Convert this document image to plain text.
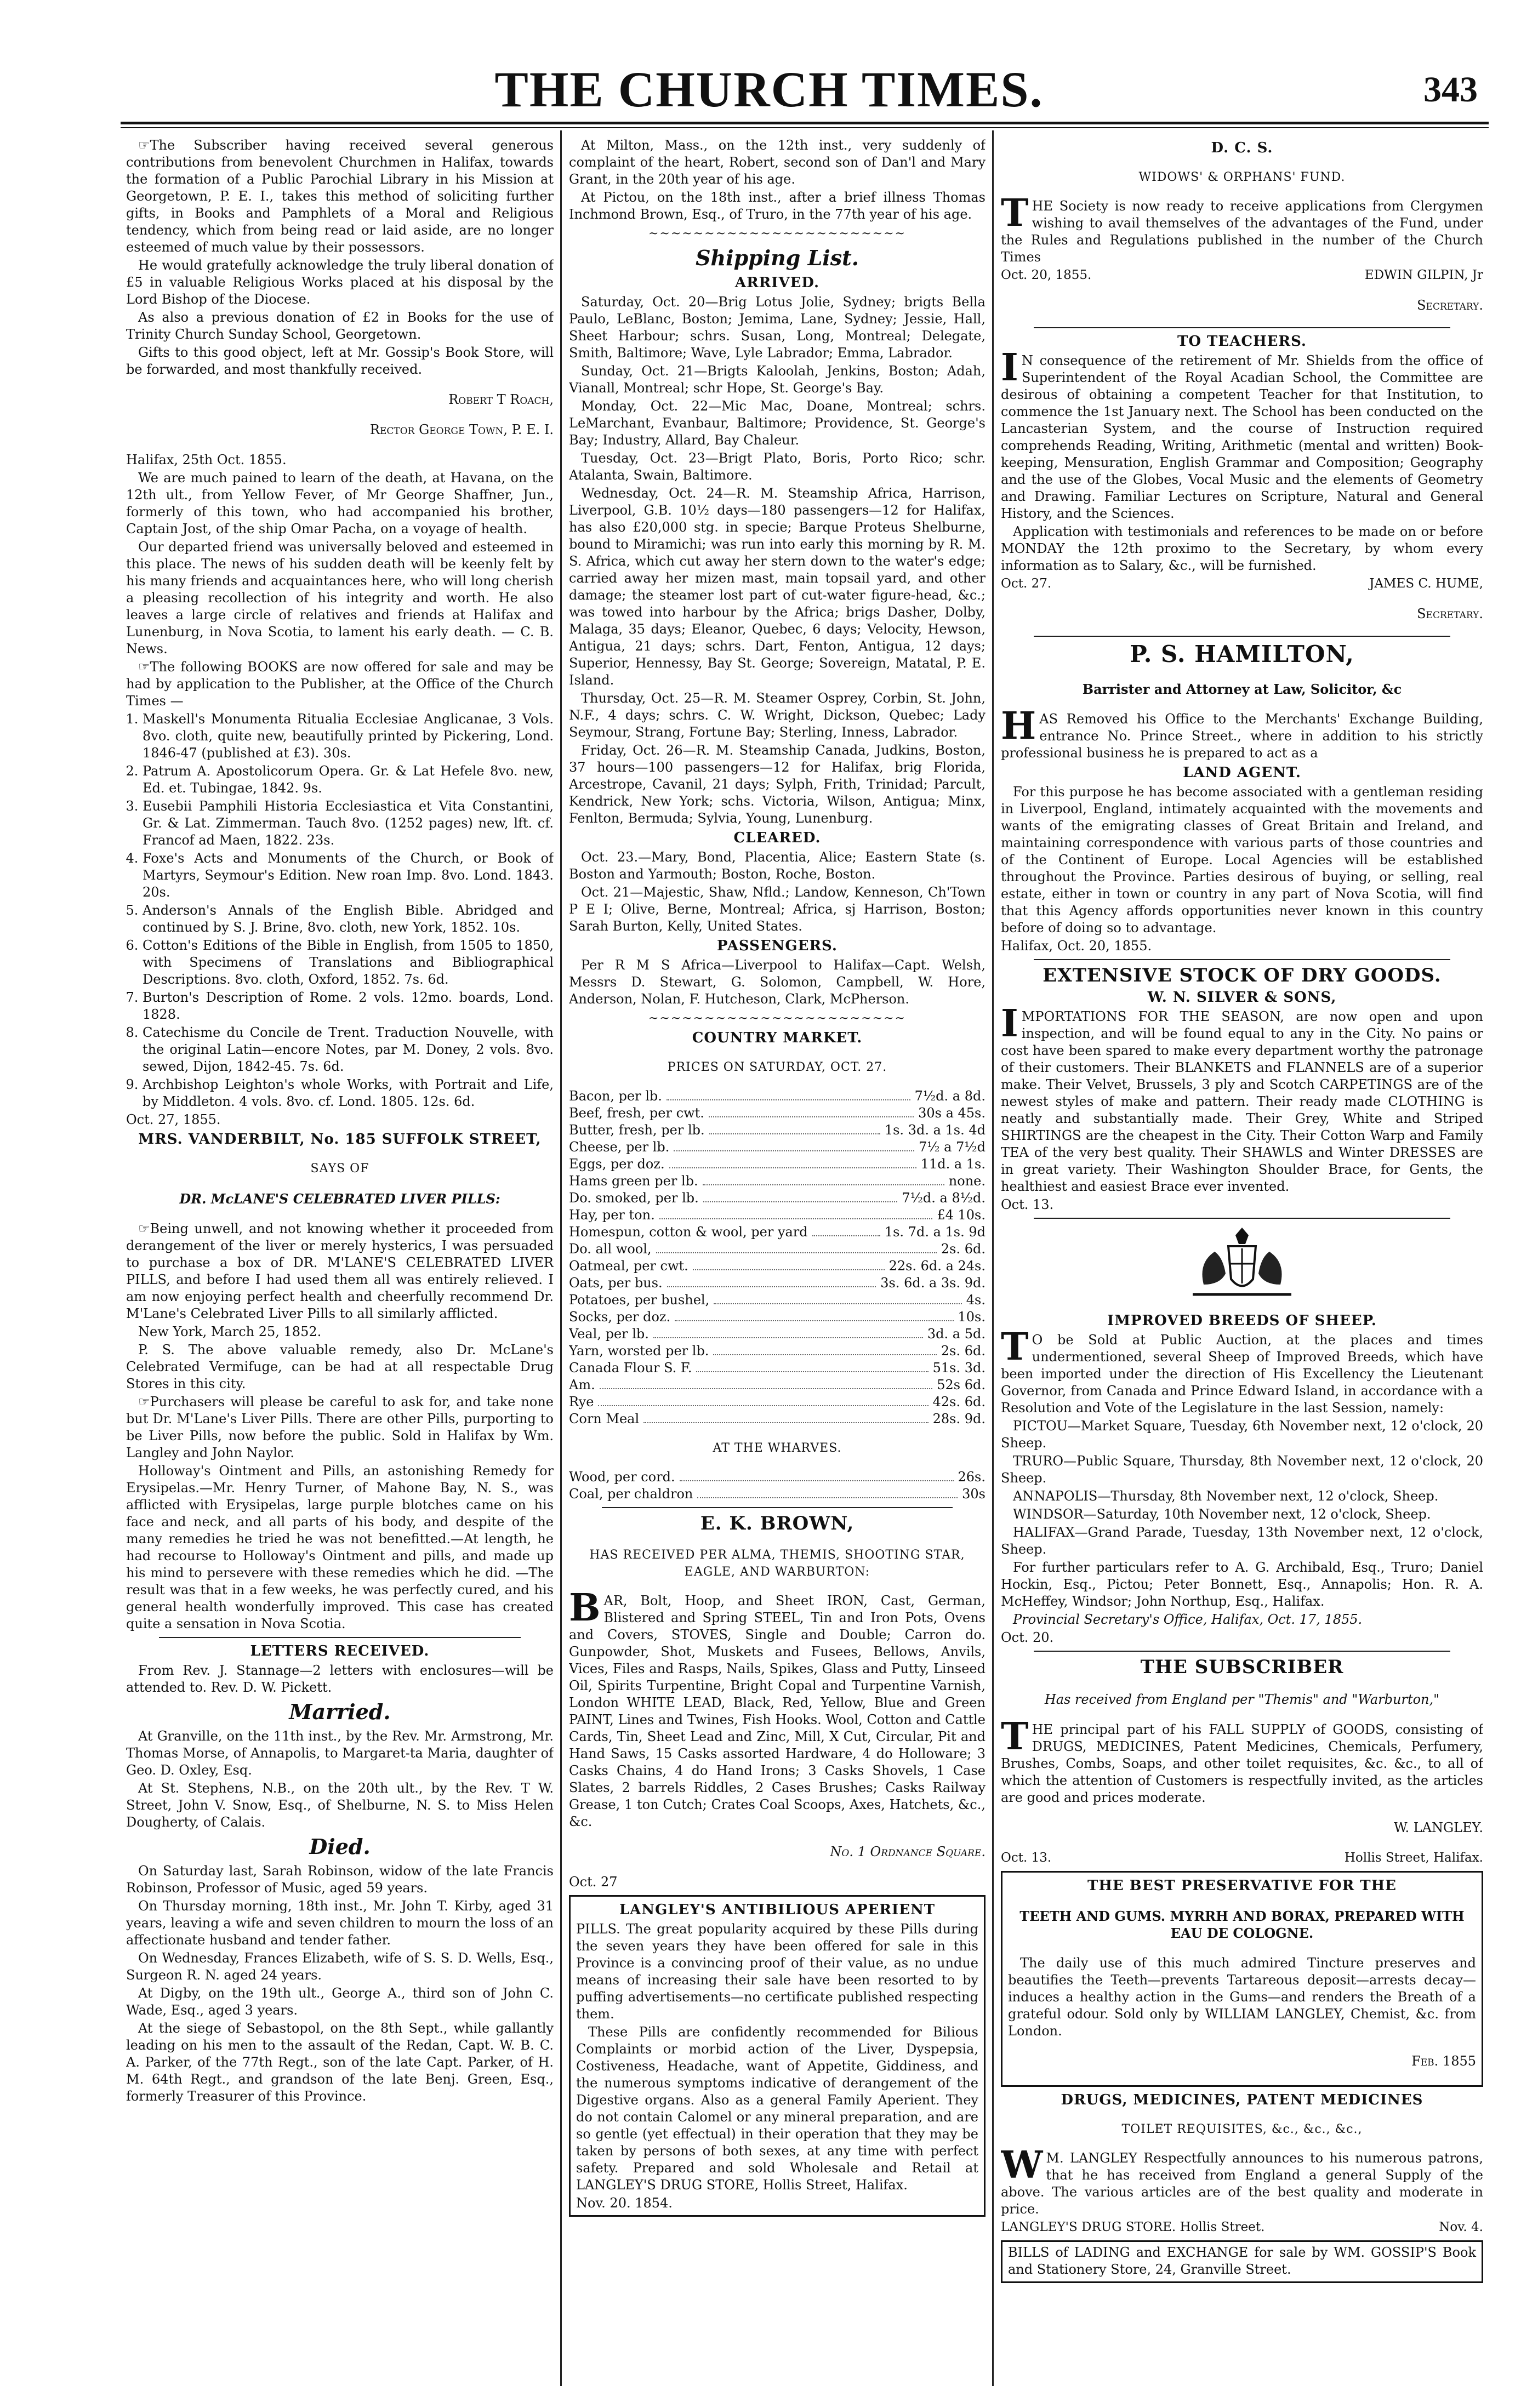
THE CHURCH TIMES.	343

☞The Subscriber having received several generous contributions from benevolent Churchmen in Halifax, towards the formation of a Public Parochial Library in his Mission at Georgetown, P. E. I., takes this method of soliciting further gifts, in Books and Pamphlets of a Moral and Religious tendency, which from being read or laid aside, are no longer esteemed of much value by their possessors.

He would gratefully acknowledge the truly liberal donation of £5 in valuable Religious Works placed at his disposal by the Lord Bishop of the Diocese.

As also a previous donation of £2 in Books for the use of Trinity Church Sunday School, Georgetown.

Gifts to this good object, left at Mr. Gossip's Book Store, will be forwarded, and most thankfully received.

Robert T Roach,

Rector George Town, P. E. I.

Halifax, 25th Oct. 1855.

We are much pained to learn of the death, at Havana, on the 12th ult., from Yellow Fever, of Mr George Shaffner, Jun., formerly of this town, who had accompanied his brother, Captain Jost, of the ship Omar Pacha, on a voyage of health.

Our departed friend was universally beloved and esteemed in this place. The news of his sudden death will be keenly felt by his many friends and acquaintances here, who will long cherish a pleasing recollection of his integrity and worth. He also leaves a large circle of relatives and friends at Halifax and Lunenburg, in Nova Scotia, to lament his early death. — C. B. News.

☞The following BOOKS are now offered for sale and may be had by application to the Publisher, at the Office of the Church Times —

1. Maskell's Monumenta Ritualia Ecclesiae Anglicanae, 3 Vols. 8vo. cloth, quite new, beautifully printed by Pickering, Lond. 1846-47 (published at £3). 30s.
2. Patrum A. Apostolicorum Opera. Gr. & Lat Hefele 8vo. new, Ed. et. Tubingae, 1842. 9s.
3. Eusebii Pamphili Historia Ecclesiastica et Vita Constantini, Gr. & Lat. Zimmerman. Tauch 8vo. (1252 pages) new, lft. cf. Francof ad Maen, 1822. 23s.
4. Foxe's Acts and Monuments of the Church, or Book of Martyrs, Seymour's Edition. New roan Imp. 8vo. Lond. 1843. 20s.
5. Anderson's Annals of the English Bible. Abridged and continued by S. J. Brine, 8vo. cloth, new York, 1852. 10s.
6. Cotton's Editions of the Bible in English, from 1505 to 1850, with Specimens of Translations and Bibliographical Descriptions. 8vo. cloth, Oxford, 1852. 7s. 6d.
7. Burton's Description of Rome. 2 vols. 12mo. boards, Lond. 1828.
8. Catechisme du Concile de Trent. Traduction Nouvelle, with the original Latin—encore Notes, par M. Doney, 2 vols. 8vo. sewed, Dijon, 1842-45. 7s. 6d.
9. Archbishop Leighton's whole Works, with Portrait and Life, by Middleton. 4 vols. 8vo. cf. Lond. 1805. 12s. 6d.

Oct. 27, 1855.

MRS. VANDERBILT, No. 185 SUFFOLK STREET,

SAYS OF

DR. McLANE'S CELEBRATED LIVER PILLS:

☞Being unwell, and not knowing whether it proceeded from derangement of the liver or merely hysterics, I was persuaded to purchase a box of DR. M'LANE'S CELEBRATED LIVER PILLS, and before I had used them all was entirely relieved. I am now enjoying perfect health and cheerfully recommend Dr. M'Lane's Celebrated Liver Pills to all similarly afflicted.

New York, March 25, 1852.

P. S. The above valuable remedy, also Dr. McLane's Celebrated Vermifuge, can be had at all respectable Drug Stores in this city.

☞Purchasers will please be careful to ask for, and take none but Dr. M'Lane's Liver Pills. There are other Pills, purporting to be Liver Pills, now before the public. Sold in Halifax by Wm. Langley and John Naylor.

Holloway's Ointment and Pills, an astonishing Remedy for Erysipelas.—Mr. Henry Turner, of Mahone Bay, N. S., was afflicted with Erysipelas, large purple blotches came on his face and neck, and all parts of his body, and despite of the many remedies he tried he was not benefitted.—At length, he had recourse to Holloway's Ointment and pills, and made up his mind to persevere with these remedies which he did. —The result was that in a few weeks, he was perfectly cured, and his general health wonderfully improved. This case has created quite a sensation in Nova Scotia.

LETTERS RECEIVED.

From Rev. J. Stannage—2 letters with enclosures—will be attended to. Rev. D. W. Pickett.

Married.

At Granville, on the 11th inst., by the Rev. Mr. Armstrong, Mr. Thomas Morse, of Annapolis, to Margaret-ta Maria, daughter of Geo. D. Oxley, Esq.

At St. Stephens, N.B., on the 20th ult., by the Rev. T W. Street, John V. Snow, Esq., of Shelburne, N. S. to Miss Helen Dougherty, of Calais.

Died.

On Saturday last, Sarah Robinson, widow of the late Francis Robinson, Professor of Music, aged 59 years.

On Thursday morning, 18th inst., Mr. John T. Kirby, aged 31 years, leaving a wife and seven children to mourn the loss of an affectionate husband and tender father.

On Wednesday, Frances Elizabeth, wife of S. S. D. Wells, Esq., Surgeon R. N. aged 24 years.

At Digby, on the 19th ult., George A., third son of John C. Wade, Esq., aged 3 years.

At the siege of Sebastopol, on the 8th Sept., while gallantly leading on his men to the assault of the Redan, Capt. W. B. C. A. Parker, of the 77th Regt., son of the late Capt. Parker, of H. M. 64th Regt., and grandson of the late Benj. Green, Esq., formerly Treasurer of this Province.

At Milton, Mass., on the 12th inst., very suddenly of complaint of the heart, Robert, second son of Dan'l and Mary Grant, in the 20th year of his age.

At Pictou, on the 18th inst., after a brief illness Thomas Inchmond Brown, Esq., of Truro, in the 77th year of his age.

~~~~~~~~~~~~~~~~~~~~~~~

Shipping List.

ARRIVED.

Saturday, Oct. 20—Brig Lotus Jolie, Sydney; brigts Bella Paulo, LeBlanc, Boston; Jemima, Lane, Sydney; Jessie, Hall, Sheet Harbour; schrs. Susan, Long, Montreal; Delegate, Smith, Baltimore; Wave, Lyle Labrador; Emma, Labrador.

Sunday, Oct. 21—Brigts Kaloolah, Jenkins, Boston; Adah, Vianall, Montreal; schr Hope, St. George's Bay.

Monday, Oct. 22—Mic Mac, Doane, Montreal; schrs. LeMarchant, Evanbaur, Baltimore; Providence, St. George's Bay; Industry, Allard, Bay Chaleur.

Tuesday, Oct. 23—Brigt Plato, Boris, Porto Rico; schr. Atalanta, Swain, Baltimore.

Wednesday, Oct. 24—R. M. Steamship Africa, Harrison, Liverpool, G.B. 10½ days—180 passengers—12 for Halifax, has also £20,000 stg. in specie; Barque Proteus Shelburne, bound to Miramichi; was run into early this morning by R. M. S. Africa, which cut away her stern down to the water's edge; carried away her mizen mast, main topsail yard, and other damage; the steamer lost part of cut-water figure-head, &c.; was towed into harbour by the Africa; brigs Dasher, Dolby, Malaga, 35 days; Eleanor, Quebec, 6 days; Velocity, Hewson, Antigua, 21 days; schrs. Dart, Fenton, Antigua, 12 days; Superior, Hennessy, Bay St. George; Sovereign, Matatal, P. E. Island.

Thursday, Oct. 25—R. M. Steamer Osprey, Corbin, St. John, N.F., 4 days; schrs. C. W. Wright, Dickson, Quebec; Lady Seymour, Strang, Fortune Bay; Sterling, Inness, Labrador.

Friday, Oct. 26—R. M. Steamship Canada, Judkins, Boston, 37 hours—100 passengers—12 for Halifax, brig Florida, Arcestrope, Cavanil, 21 days; Sylph, Frith, Trinidad; Parcult, Kendrick, New York; schs. Victoria, Wilson, Antigua; Minx, Fenlton, Bermuda; Sylvia, Young, Lunenburg.

CLEARED.

Oct. 23.—Mary, Bond, Placentia, Alice; Eastern State (s. Boston and Yarmouth; Boston, Roche, Boston.

Oct. 21—Majestic, Shaw, Nfld.; Landow, Kenneson, Ch'Town P E I; Olive, Berne, Montreal; Africa, sj Harrison, Boston; Sarah Burton, Kelly, United States.

PASSENGERS.

Per R M S Africa—Liverpool to Halifax—Capt. Welsh, Messrs D. Stewart, G. Solomon, Campbell, W. Hore, Anderson, Nolan, F. Hutcheson, Clark, McPherson.

~~~~~~~~~~~~~~~~~~~~~~~

COUNTRY MARKET.

PRICES ON SATURDAY, OCT. 27.

Bacon, per lb.	7½d. a 8d.
Beef, fresh, per cwt.	30s a 45s.
Butter, fresh, per lb.	1s. 3d. a 1s. 4d
Cheese, per lb.	7½ a 7½d
Eggs, per doz.	11d. a 1s.
Hams green per lb.	none.
Do. smoked, per lb.	7½d. a 8½d.
Hay, per ton.	£4 10s.
Homespun, cotton & wool, per yard	1s. 7d. a 1s. 9d
Do. all wool,	2s. 6d.
Oatmeal, per cwt.	22s. 6d. a 24s.
Oats, per bus.	3s. 6d. a 3s. 9d.
Potatoes, per bushel,	4s.
Socks, per doz.	10s.
Veal, per lb.	3d. a 5d.
Yarn, worsted per lb.	2s. 6d.
Canada Flour S. F.	51s. 3d.
Am.	52s 6d.
Rye	42s. 6d.
Corn Meal	28s. 9d.

AT THE WHARVES.

Wood, per cord.	26s.
Coal, per chaldron	30s

E. K. BROWN,

HAS RECEIVED PER ALMA, THEMIS, SHOOTING STAR, EAGLE, AND WARBURTON:

BAR, Bolt, Hoop, and Sheet IRON, Cast, German, Blistered and Spring STEEL, Tin and Iron Pots, Ovens and Covers, STOVES, Single and Double; Carron do. Gunpowder, Shot, Muskets and Fusees, Bellows, Anvils, Vices, Files and Rasps, Nails, Spikes, Glass and Putty, Linseed Oil, Spirits Turpentine, Bright Copal and Turpentine Varnish, London WHITE LEAD, Black, Red, Yellow, Blue and Green PAINT, Lines and Twines, Fish Hooks. Wool, Cotton and Cattle Cards, Tin, Sheet Lead and Zinc, Mill, X Cut, Circular, Pit and Hand Saws, 15 Casks assorted Hardware, 4 do Holloware; 3 Casks Chains, 4 do Hand Irons; 3 Casks Shovels, 1 Case Slates, 2 barrels Riddles, 2 Cases Brushes; Casks Railway Grease, 1 ton Cutch; Crates Coal Scoops, Axes, Hatchets, &c., &c.

No. 1 Ordnance Square.

Oct. 27

LANGLEY'S ANTIBILIOUS APERIENT

PILLS. The great popularity acquired by these Pills during the seven years they have been offered for sale in this Province is a convincing proof of their value, as no undue means of increasing their sale have been resorted to by puffing advertisements—no certificate published respecting them.

These Pills are confidently recommended for Bilious Complaints or morbid action of the Liver, Dyspepsia, Costiveness, Headache, want of Appetite, Giddiness, and the numerous symptoms indicative of derangement of the Digestive organs. Also as a general Family Aperient. They do not contain Calomel or any mineral preparation, and are so gentle (yet effectual) in their operation that they may be taken by persons of both sexes, at any time with perfect safety. Prepared and sold Wholesale and Retail at LANGLEY'S DRUG STORE, Hollis Street, Halifax.

Nov. 20. 1854.

D. C. S.

WIDOWS' & ORPHANS' FUND.

THE Society is now ready to receive applications from Clergymen wishing to avail themselves of the advantages of the Fund, under the Rules and Regulations published in the number of the Church Times

Oct. 20, 1855.	EDWIN GILPIN, Jr

Secretary.

TO TEACHERS.

IN consequence of the retirement of Mr. Shields from the office of Superintendent of the Royal Acadian School, the Committee are desirous of obtaining a competent Teacher for that Institution, to commence the 1st January next. The School has been conducted on the Lancasterian System, and the course of Instruction required comprehends Reading, Writing, Arithmetic (mental and written) Book-keeping, Mensuration, English Grammar and Composition; Geography and the use of the Globes, Vocal Music and the elements of Geometry and Drawing. Familiar Lectures on Scripture, Natural and General History, and the Sciences.

Application with testimonials and references to be made on or before MONDAY the 12th proximo to the Secretary, by whom every information as to Salary, &c., will be furnished.

Oct. 27.	JAMES C. HUME,

Secretary.

P. S. HAMILTON,

Barrister and Attorney at Law, Solicitor, &c

HAS Removed his Office to the Merchants' Exchange Building, entrance No. Prince Street., where in addition to his strictly professional business he is prepared to act as a

LAND AGENT.

For this purpose he has become associated with a gentleman residing in Liverpool, England, intimately acquainted with the movements and wants of the emigrating classes of Great Britain and Ireland, and maintaining correspondence with various parts of those countries and of the Continent of Europe. Local Agencies will be established throughout the Province. Parties desirous of buying, or selling, real estate, either in town or country in any part of Nova Scotia, will find that this Agency affords opportunities never known in this country before of doing so to advantage.

Halifax, Oct. 20, 1855.

EXTENSIVE STOCK OF DRY GOODS.

W. N. SILVER & SONS,

IMPORTATIONS FOR THE SEASON, are now open and upon inspection, and will be found equal to any in the City. No pains or cost have been spared to make every department worthy the patronage of their customers. Their BLANKETS and FLANNELS are of a superior make. Their Velvet, Brussels, 3 ply and Scotch CARPETINGS are of the newest styles of make and pattern. Their ready made CLOTHING is neatly and substantially made. Their Grey, White and Striped SHIRTINGS are the cheapest in the City. Their Cotton Warp and Family TEA of the very best quality. Their SHAWLS and Winter DRESSES are in great variety. Their Washington Shoulder Brace, for Gents, the healthiest and easiest Brace ever invented.

Oct. 13.

IMPROVED BREEDS OF SHEEP.

TO be Sold at Public Auction, at the places and times undermentioned, several Sheep of Improved Breeds, which have been imported under the direction of His Excellency the Lieutenant Governor, from Canada and Prince Edward Island, in accordance with a Resolution and Vote of the Legislature in the last Session, namely:

PICTOU—Market Square, Tuesday, 6th November next, 12 o'clock, 20 Sheep.

TRURO—Public Square, Thursday, 8th November next, 12 o'clock, 20 Sheep.

ANNAPOLIS—Thursday, 8th November next, 12 o'clock, Sheep.

WINDSOR—Saturday, 10th November next, 12 o'clock, Sheep.

HALIFAX—Grand Parade, Tuesday, 13th November next, 12 o'clock, Sheep.

For further particulars refer to A. G. Archibald, Esq., Truro; Daniel Hockin, Esq., Pictou; Peter Bonnett, Esq., Annapolis; Hon. R. A. McHeffey, Windsor; John Northup, Esq., Halifax.

Provincial Secretary's Office, Halifax, Oct. 17, 1855.

Oct. 20.

THE SUBSCRIBER

Has received from England per "Themis" and "Warburton,"

THE principal part of his FALL SUPPLY of GOODS, consisting of DRUGS, MEDICINES, Patent Medicines, Chemicals, Perfumery, Brushes, Combs, Soaps, and other toilet requisites, &c. &c., to all of which the attention of Customers is respectfully invited, as the articles are good and prices moderate.

W. LANGLEY.

Oct. 13.	Hollis Street, Halifax.

THE BEST PRESERVATIVE FOR THE

TEETH AND GUMS. MYRRH AND BORAX, PREPARED WITH EAU DE COLOGNE.

The daily use of this much admired Tincture preserves and beautifies the Teeth—prevents Tartareous deposit—arrests decay—induces a healthy action in the Gums—and renders the Breath of a grateful odour. Sold only by WILLIAM LANGLEY, Chemist, &c. from London.

Feb. 1855

DRUGS, MEDICINES, PATENT MEDICINES

TOILET REQUISITES, &c., &c., &c.,

WM. LANGLEY Respectfully announces to his numerous patrons, that he has received from England a general Supply of the above. The various articles are of the best quality and moderate in price.

LANGLEY'S DRUG STORE. Hollis Street.	Nov. 4.

BILLS of LADING and EXCHANGE for sale by WM. GOSSIP'S Book and Stationery Store, 24, Granville Street.
